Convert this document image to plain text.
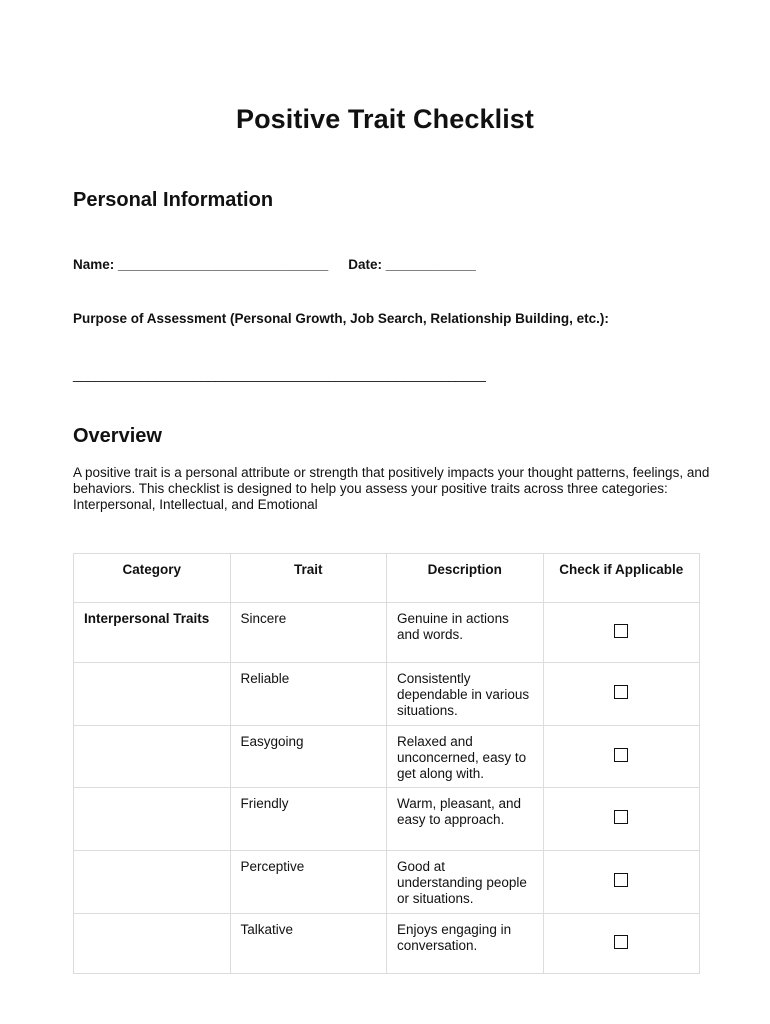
Positive Trait Checklist
Personal Information
Name: ____________________________ Date: ____________
Purpose of Assessment (Personal Growth, Job Search, Relationship Building, etc.):
_______________________________________________________
Overview
A positive trait is a personal attribute or strength that positively impacts your thought patterns, feelings, and behaviors. This checklist is designed to help you assess your positive traits across three categories: Interpersonal, Intellectual, and Emotional
Category	Trait	Description	Check if Applicable
Interpersonal Traits	Sincere	Genuine in actions and words.	
	Reliable	Consistently dependable in various situations.	
	Easygoing	Relaxed and unconcerned, easy to get along with.	
	Friendly	Warm, pleasant, and easy to approach.	
	Perceptive	Good at understanding people or situations.	
	Talkative	Enjoys engaging in conversation.	
